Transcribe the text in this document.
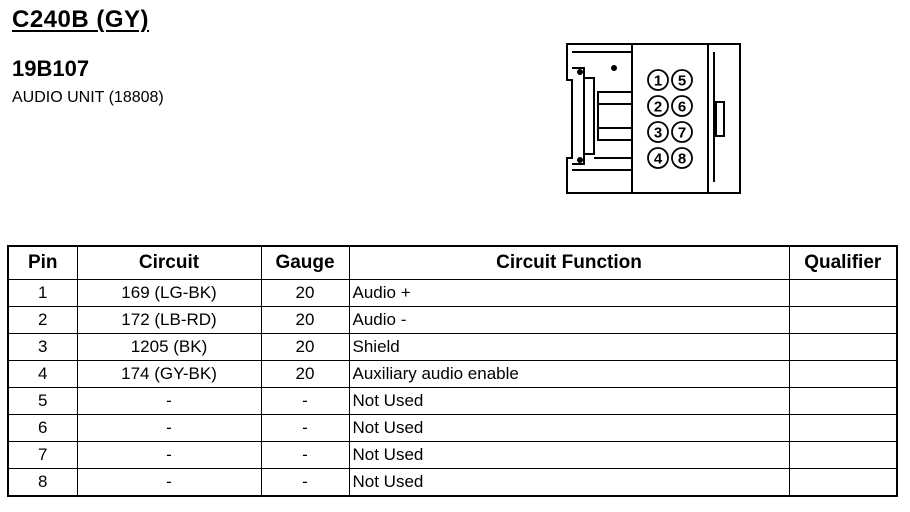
C240B (GY)
19B107
AUDIO UNIT (18808)
1
2
3
4
5
6
7
8
Pin	Circuit	Gauge	Circuit Function	Qualifier
1	169 (LG-BK)	20	Audio +	
2	172 (LB-RD)	20	Audio -	
3	1205 (BK)	20	Shield	
4	174 (GY-BK)	20	Auxiliary audio enable	
5	-	-	Not Used	
6	-	-	Not Used	
7	-	-	Not Used	
8	-	-	Not Used	
